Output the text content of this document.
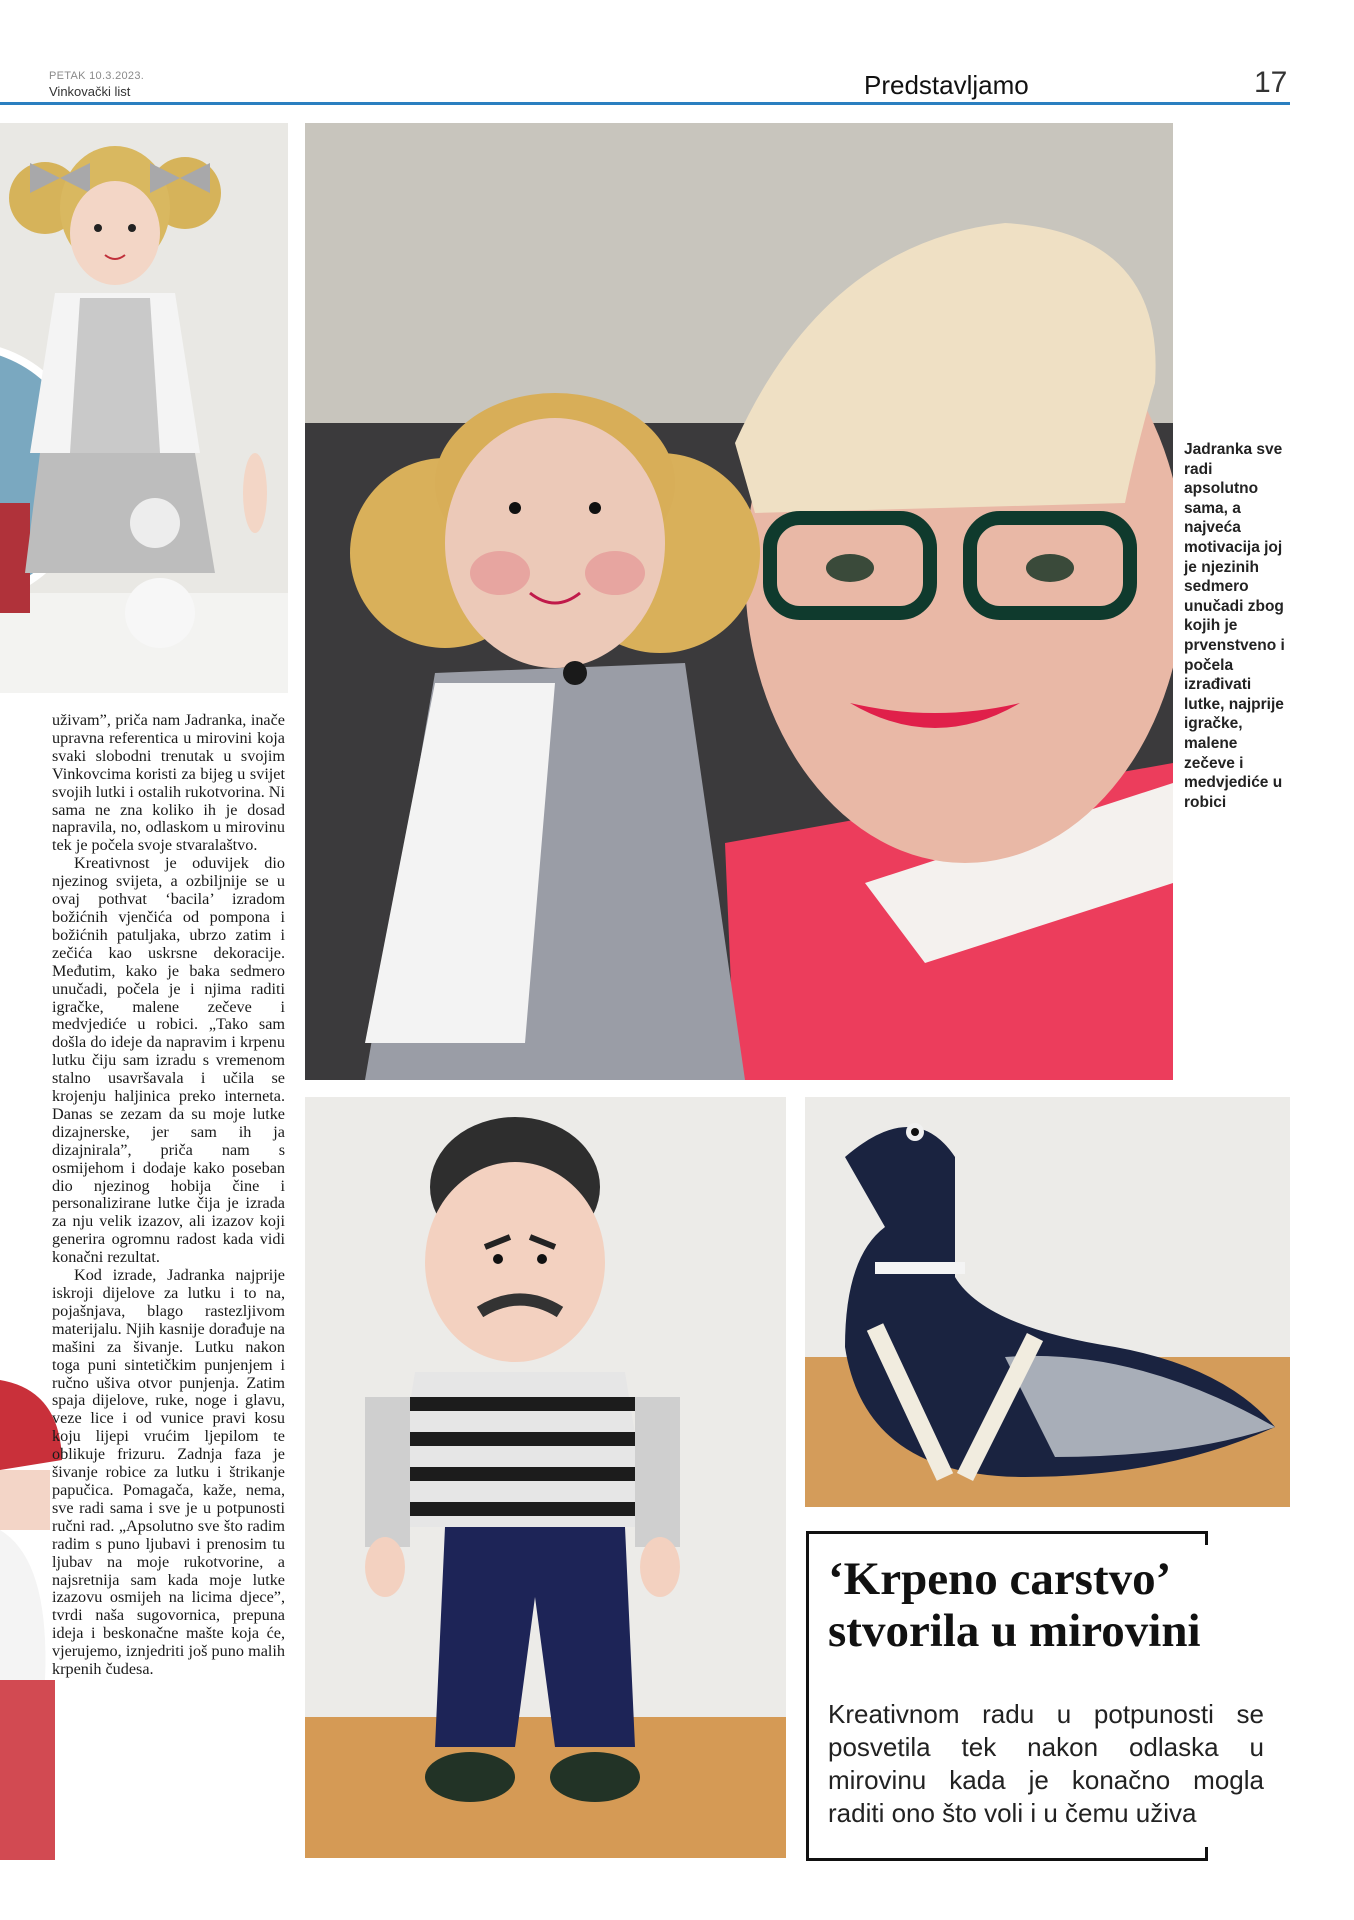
PETAK 10.3.2023.
Vinkovački list	Predstavljamo	17
Jadranka sve radi apsolutno sama, a najveća motivacija joj je njezinih sedmero unučadi zbog kojih je prvenstveno i počela izrađivati lutke, najprije igračke, malene zečeve i medvjediće u robici

uživam”, priča nam Jadranka, inače upravna referentica u mirovini koja svaki slobodni trenutak u svojim Vinkovcima koristi za bijeg u svijet svojih lutki i ostalih rukotvorina. Ni sama ne zna koliko ih je dosad napravila, no, odlaskom u mirovinu tek je počela svoje stvaralaštvo.

Kreativnost je oduvijek dio njezinog svijeta, a ozbiljnije se u ovaj pothvat ‘bacila’ izradom božićnih vjenčića od pompona i božićnih patuljaka, ubrzo zatim i zečića kao uskrsne dekoracije. Međutim, kako je baka sedmero unučadi, počela je i njima raditi igračke, malene zečeve i medvjediće u robici. „Tako sam došla do ideje da napravim i krpenu lutku čiju sam izradu s vremenom stalno usavršavala i učila se krojenju haljinica preko interneta. Danas se zezam da su moje lutke dizajnerske, jer sam ih ja dizajnirala”, priča nam s osmijehom i dodaje kako poseban dio njezinog hobija čine i personalizirane lutke čija je izrada za nju velik izazov, ali izazov koji generira ogromnu radost kada vidi konačni rezultat.

Kod izrade, Jadranka najprije iskroji dijelove za lutku i to na, pojašnjava, blago rastezljivom materijalu. Njih kasnije dorađuje na mašini za šivanje. Lutku nakon toga puni sintetičkim punjenjem i ručno ušiva otvor punjenja. Zatim spaja dijelove, ruke, noge i glavu, veze lice i od vunice pravi kosu koju lijepi vrućim ljepilom te oblikuje frizuru. Zadnja faza je šivanje robice za lutku i štrikanje papučica. Pomagača, kaže, nema, sve radi sama i sve je u potpunosti ručni rad. „Apsolutno sve što radim radim s puno ljubavi i prenosim tu ljubav na moje rukotvorine, a najsretnija sam kada moje lutke izazovu osmijeh na licima djece”, tvrdi naša sugovornica, prepuna ideja i beskonačne mašte koja će, vjerujemo, iznjedriti još puno malih krpenih čudesa.

‘Krpeno carstvo’ stvorila u mirovini
Kreativnom radu u potpunosti se posvetila tek nakon odlaska u mirovinu kada je konačno mogla raditi ono što voli i u čemu uživa
